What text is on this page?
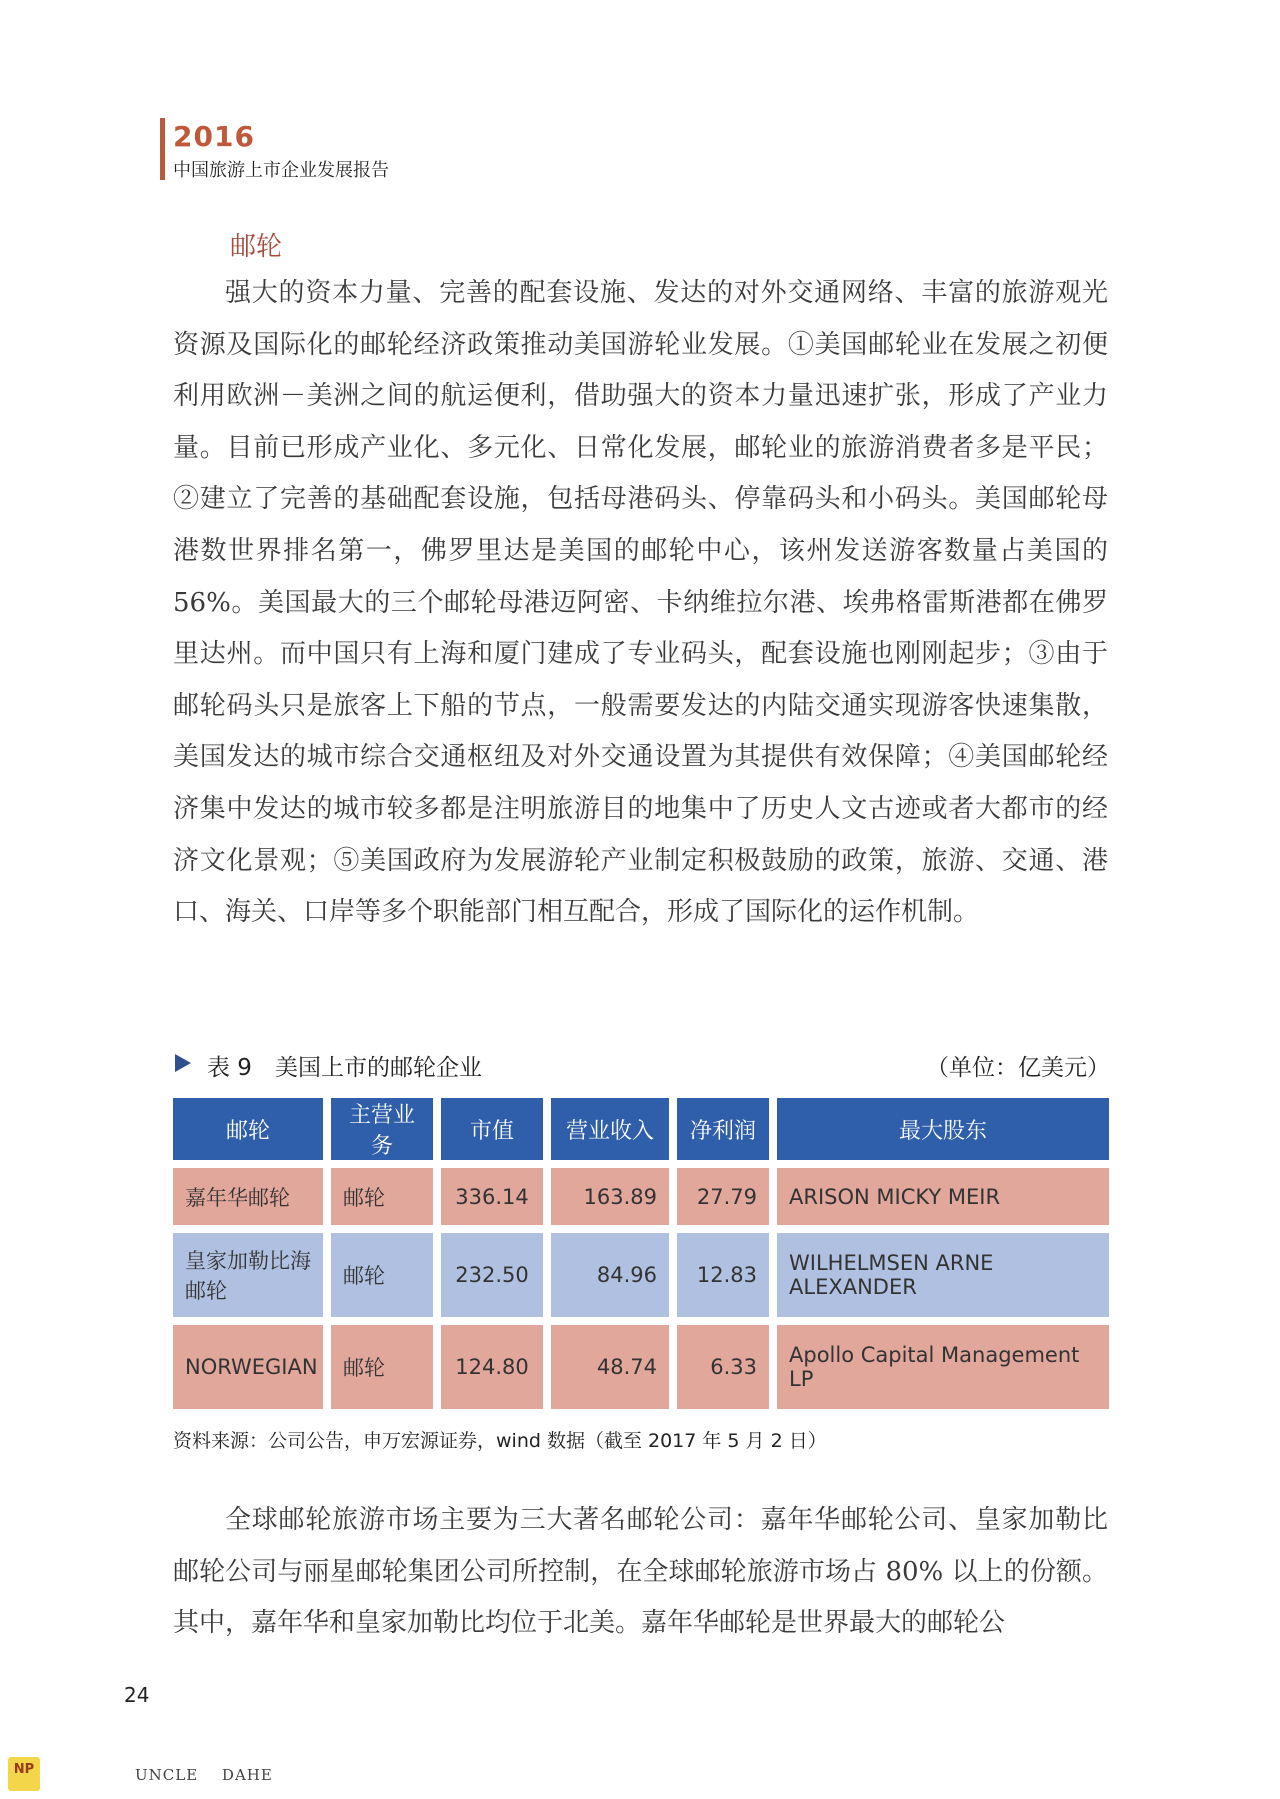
2016
中国旅游上市企业发展报告
邮轮

强大的资本力量、完善的配套设施、发达的对外交通网络、丰富的旅游观光资源及国际化的邮轮经济政策推动美国游轮业发展。①美国邮轮业在发展之初便利用欧洲－美洲之间的航运便利，借助强大的资本力量迅速扩张，形成了产业力量。目前已形成产业化、多元化、日常化发展，邮轮业的旅游消费者多是平民；②建立了完善的基础配套设施，包括母港码头、停靠码头和小码头。美国邮轮母港数世界排名第一，佛罗里达是美国的邮轮中心，该州发送游客数量占美国的 56%。美国最大的三个邮轮母港迈阿密、卡纳维拉尔港、埃弗格雷斯港都在佛罗里达州。而中国只有上海和厦门建成了专业码头，配套设施也刚刚起步；③由于邮轮码头只是旅客上下船的节点，一般需要发达的内陆交通实现游客快速集散，美国发达的城市综合交通枢纽及对外交通设置为其提供有效保障；④美国邮轮经济集中发达的城市较多都是注明旅游目的地集中了历史人文古迹或者大都市的经济文化景观；⑤美国政府为发展游轮产业制定积极鼓励的政策，旅游、交通、港口、海关、口岸等多个职能部门相互配合，形成了国际化的运作机制。

表 9　美国上市的邮轮企业	（单位：亿美元）
邮轮	主营业务	市值	营业收入	净利润	最大股东
嘉年华邮轮	邮轮	336.14	163.89	27.79	ARISON MICKY MEIR
皇家加勒比海邮轮	邮轮	232.50	84.96	12.83	WILHELMSEN ARNE ALEXANDER
NORWEGIAN	邮轮	124.80	48.74	6.33	Apollo Capital Management LP
资料来源：公司公告，申万宏源证券，wind 数据（截至 2017 年 5 月 2 日）

全球邮轮旅游市场主要为三大著名邮轮公司：嘉年华邮轮公司、皇家加勒比邮轮公司与丽星邮轮集团公司所控制，在全球邮轮旅游市场占 80% 以上的份额。其中，嘉年华和皇家加勒比均位于北美。嘉年华邮轮是世界最大的邮轮公

24
NP	UNCLE DAHE
